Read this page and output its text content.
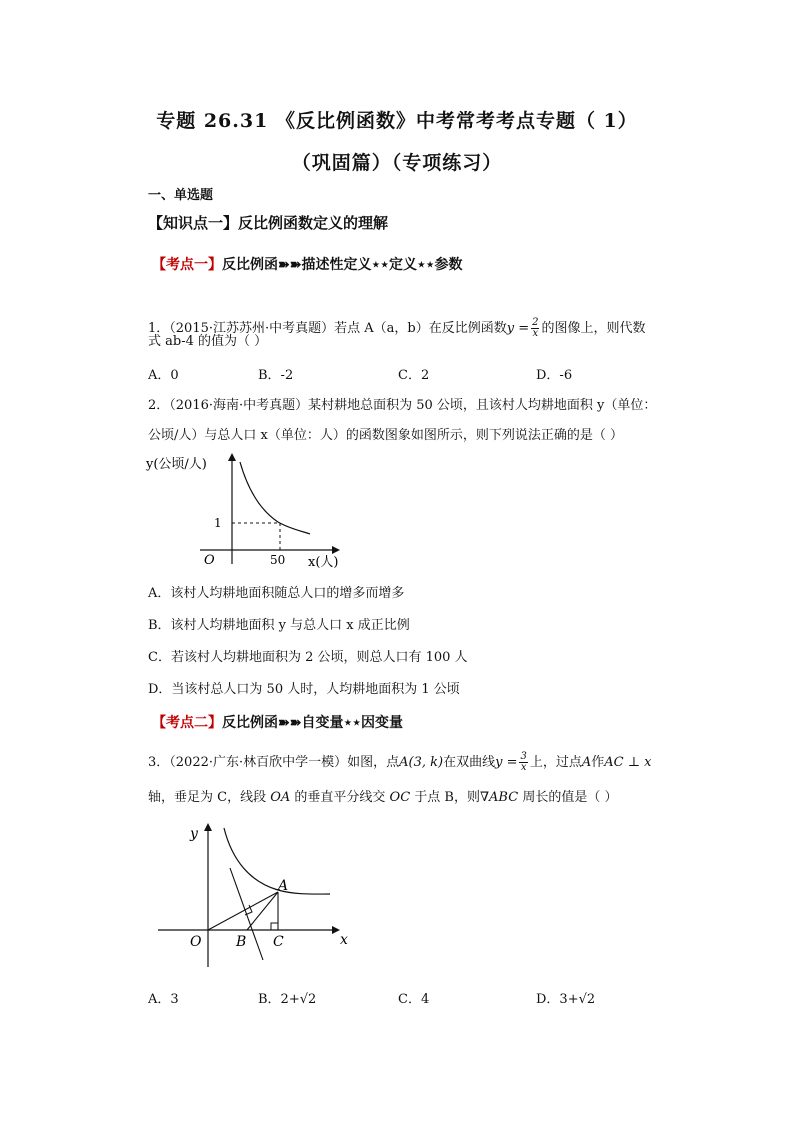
专题 26.31 《反比例函数》中考常考考点专题（ 1）
（巩固篇）（专项练习）
一、单选题
【知识点一】反比例函数定义的理解
【考点一】反比例函➽➽描述性定义⋆⋆定义⋆⋆参数
1．（2015·江苏苏州·中考真题）若点 A（a，b）在反比例函数$y = \frac{2}{x}$ 的图像上，则代数
式 ab-4 的值为（ ）
A．0	B．-2	C．2	D．-6
2．（2016·海南·中考真题）某村耕地总面积为 50 公顷，且该村人均耕地面积 y（单位：
公顷/人）与总人口 x（单位：人）的函数图象如图所示，则下列说法正确的是（ ）
y(公顷/人)
1
O	50 x(人)
A．该村人均耕地面积随总人口的增多而增多
B．该村人均耕地面积 y 与总人口 x 成正比例
C．若该村人均耕地面积为 2 公顷，则总人口有 100 人
D．当该村总人口为 50 人时，人均耕地面积为 1 公顷
【考点二】反比例函➽➽自变量⋆⋆因变量
3．（2022·广东·林百欣中学一模）如图，点A(3, k)在双曲线$y = \frac{3}{x}$ 上，过点A作AC ⊥ x
轴，垂足为 C，线段 OA 的垂直平分线交 OC 于点 B，则∇ABC 周长的值是（ ）
y
x
O
A
B C
A．3	B．2+√2	C．4	D．3+√2
